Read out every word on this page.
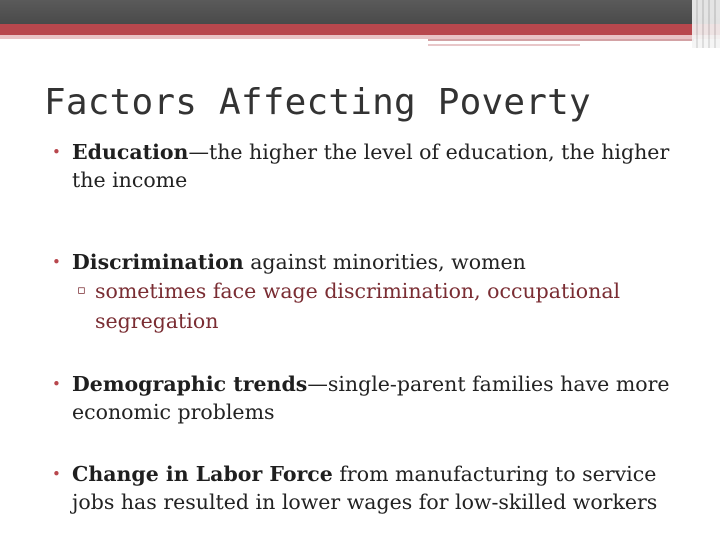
Factors Affecting Poverty
• Education—the higher the level of education, the higher the income
• Discrimination against minorities, women
▫ sometimes face wage discrimination, occupational segregation
• Demographic trends—single-parent families have more economic problems
• Change in Labor Force from manufacturing to service jobs has resulted in lower wages for low-skilled workers
